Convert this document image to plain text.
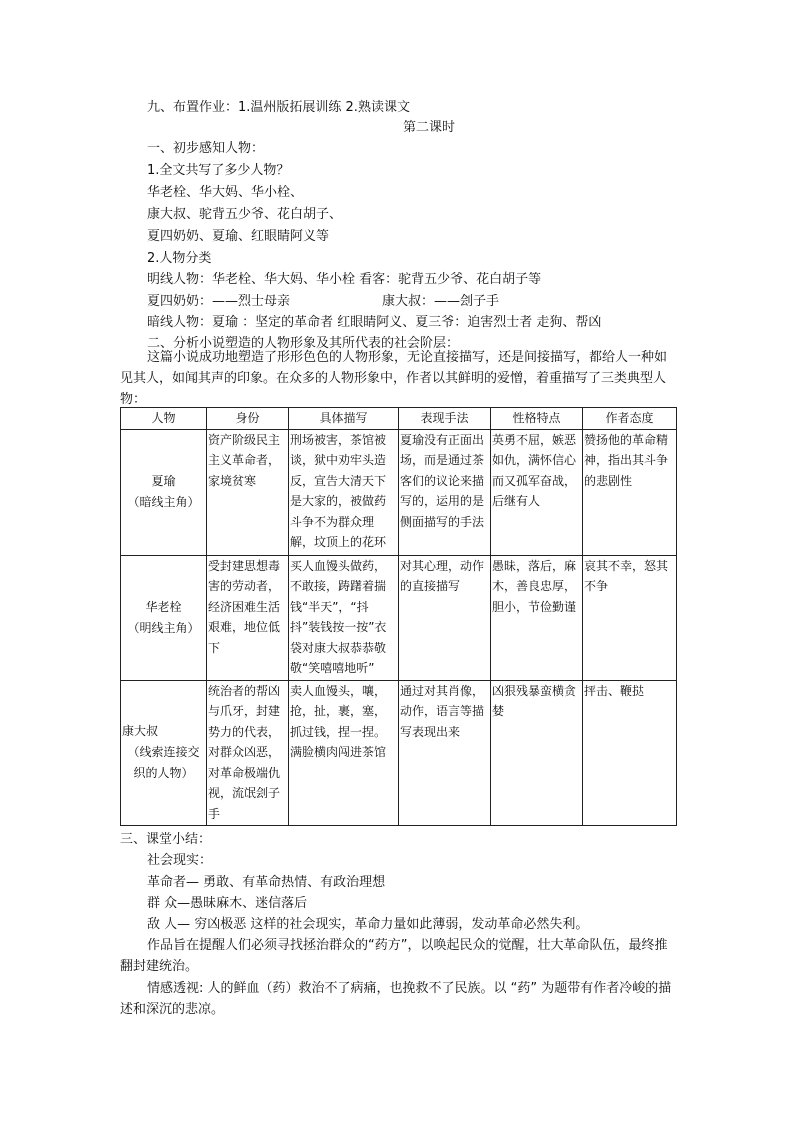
九、布置作业：1.温州版拓展训练 2.熟读课文
第二课时
一、初步感知人物：
1.全文共写了多少人物？
华老栓、华大妈、华小栓、
康大叔、驼背五少爷、花白胡子、
夏四奶奶、夏瑜、红眼睛阿义等
2.人物分类
明线人物：华老栓、华大妈、华小栓 看客：驼背五少爷、花白胡子等
夏四奶奶：——烈士母亲	康大叔：——刽子手
暗线人物：夏瑜 ：坚定的革命者 红眼睛阿义、夏三爷：迫害烈士者 走狗、帮凶
二、分析小说塑造的人物形象及其所代表的社会阶层：
这篇小说成功地塑造了形形色色的人物形象，无论直接描写，还是间接描写，都给人一种如见其人，如闻其声的印象。在众多的人物形象中，作者以其鲜明的爱憎，着重描写了三类典型人物：
人物	身份	具体描写	表现手法	性格特点	作者态度

夏瑜
（暗线主角）	资产阶级民主主义革命者，家境贫寒	刑场被害，茶馆被谈，狱中劝牢头造反，宣告大清天下是大家的，被做药斗争不为群众理解，坟顶上的花环	夏瑜没有正面出场，而是通过茶客们的议论来描写的，运用的是侧面描写的手法	英勇不屈，嫉恶如仇，满怀信心而又孤军奋战，后继有人	赞扬他的革命精神，指出其斗争的悲剧性

华老栓
（明线主角）	受封建思想毒害的劳动者，经济困难生活艰难，地位低下	买人血馒头做药，不敢接，踌躇着揣钱“半天”，“抖抖”装钱按一按”衣袋对康大叔恭恭敬敬“笑嘻嘻地听”	对其心理，动作的直接描写	愚昧，落后，麻木，善良忠厚，胆小，节俭勤谨	哀其不幸，怒其不争

康大叔
（线索连接交织的人物）	统治者的帮凶与爪牙，封建势力的代表，对群众凶恶，对革命极端仇视，流氓刽子手	卖人血馒头，嚷，抢，扯，裹，塞，抓过钱，捏一捏。满脸横肉闯进茶馆	通过对其肖像，动作，语言等描写表现出来	凶狠残暴蛮横贪婪	抨击、鞭挞
三、课堂小结：
社会现实：
革命者— 勇敢、有革命热情、有政治理想
群 众—愚昧麻木、迷信落后
敌 人— 穷凶极恶 这样的社会现实，革命力量如此薄弱，发动革命必然失利。
作品旨在提醒人们必须寻找拯治群众的“药方”，以唤起民众的觉醒，壮大革命队伍，最终推翻封建统治。
情感透视: 人的鲜血（药）救治不了病痛，也挽救不了民族。以 “药” 为题带有作者冷峻的描述和深沉的悲凉。
